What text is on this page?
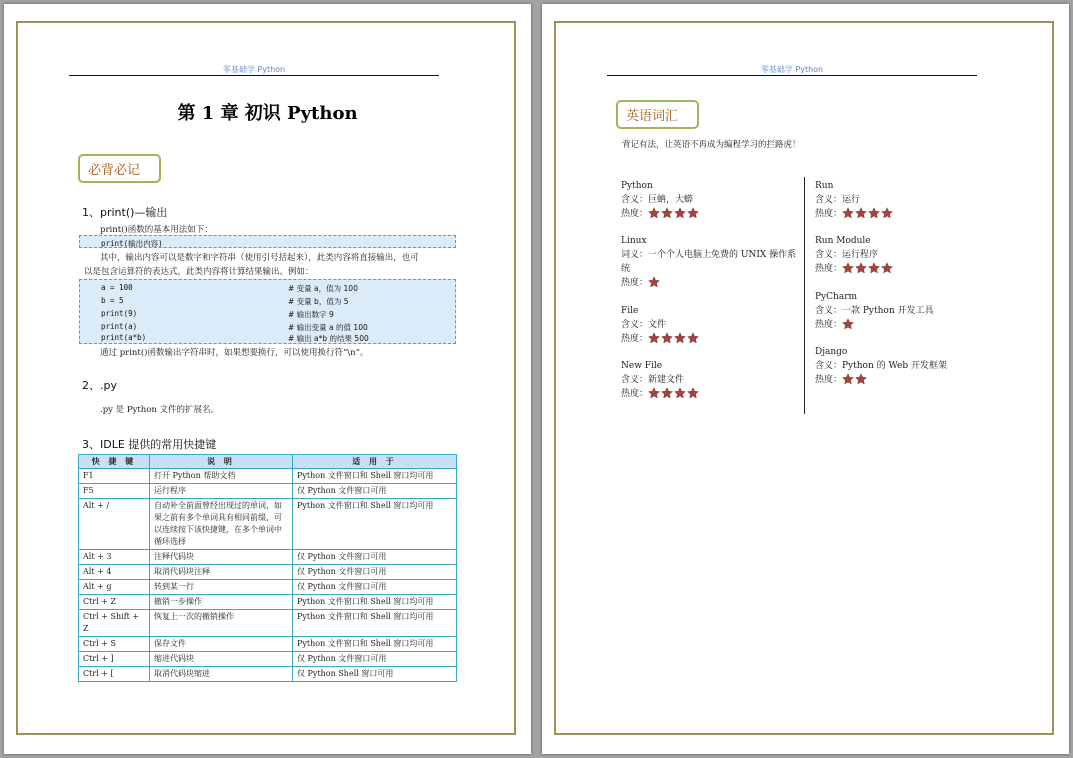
零基础学 Python
第 1 章 初识 Python
必背必记
1、print()—输出
print()函数的基本用法如下：
print(输出内容)
其中，输出内容可以是数字和字符串（使用引号括起来），此类内容将直接输出，也可
以是包含运算符的表达式，此类内容将计算结果输出。例如：
a = 100	# 变量 a，值为 100
b = 5	# 变量 b，值为 5
print(9)	# 输出数字 9
print(a)	# 输出变量 a 的值 100
print(a*b)	# 输出 a*b 的结果 500
通过 print()函数输出字符串时，如果想要换行，可以使用换行符“\n”。
2、.py
.py 是 Python 文件的扩展名。
3、IDLE 提供的常用快捷键
快 捷 键	说 明	适 用 于
F1	打开 Python 帮助文档	Python 文件窗口和 Shell 窗口均可用
F5	运行程序	仅 Python 文件窗口可用
Alt + /	自动补全前面曾经出现过的单词，如果之前有多个单词具有相同前缀，可以连续按下该快捷键，在多个单词中循环选择	Python 文件窗口和 Shell 窗口均可用
Alt + 3	注释代码块	仅 Python 文件窗口可用
Alt + 4	取消代码块注释	仅 Python 文件窗口可用
Alt + g	转到某一行	仅 Python 文件窗口可用
Ctrl + Z	撤销一步操作	Python 文件窗口和 Shell 窗口均可用
Ctrl + Shift + Z	恢复上一次的撤销操作	Python 文件窗口和 Shell 窗口均可用
Ctrl + S	保存文件	Python 文件窗口和 Shell 窗口均可用
Ctrl + ]	缩进代码块	仅 Python 文件窗口可用
Ctrl + [	取消代码块缩进	仅 Python Shell 窗口可用
零基础学 Python
英语词汇
背记有法，让英语不再成为编程学习的拦路虎！
Python
含义：巨蚺，大蟒
热度：
Linux
词义：一个个人电脑上免费的 UNIX 操作系统
热度：
File
含义：文件
热度：
New File
含义：新建文件
热度：
Run
含义：运行
热度：
Run Module
含义：运行程序
热度：
PyCharm
含义：一款 Python 开发工具
热度：
Django
含义：Python 的 Web 开发框架
热度：
